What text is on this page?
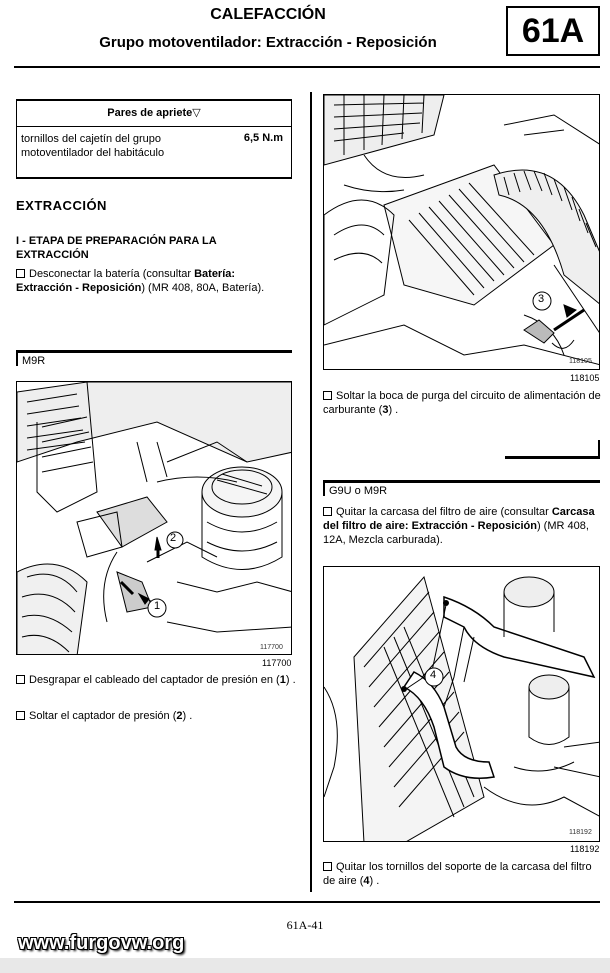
CALEFACCIÓN
Grupo motoventilador: Extracción - Reposición	61A
Pares de apriete▽
tornillos del cajetín del grupo motoventilador del habitáculo
6,5 N.m
EXTRACCIÓN
I - ETAPA DE PREPARACIÓN PARA LA EXTRACCIÓN
Desconectar la batería (consultar Batería: Extracción - Reposición) (MR 408, 80A, Batería).
M9R
2
1
117700
117700
Desgrapar el cableado del captador de presión en (1) .
Soltar el captador de presión (2) .
3
118105
118105
Soltar la boca de purga del circuito de alimentación de carburante (3) .
G9U o M9R
Quitar la carcasa del filtro de aire (consultar Carcasa del filtro de aire: Extracción - Reposición) (MR 408, 12A, Mezcla carburada).
4
118192
118192
Quitar los tornillos del soporte de la carcasa del filtro de aire (4) .
61A-41
www.furgovw.org
